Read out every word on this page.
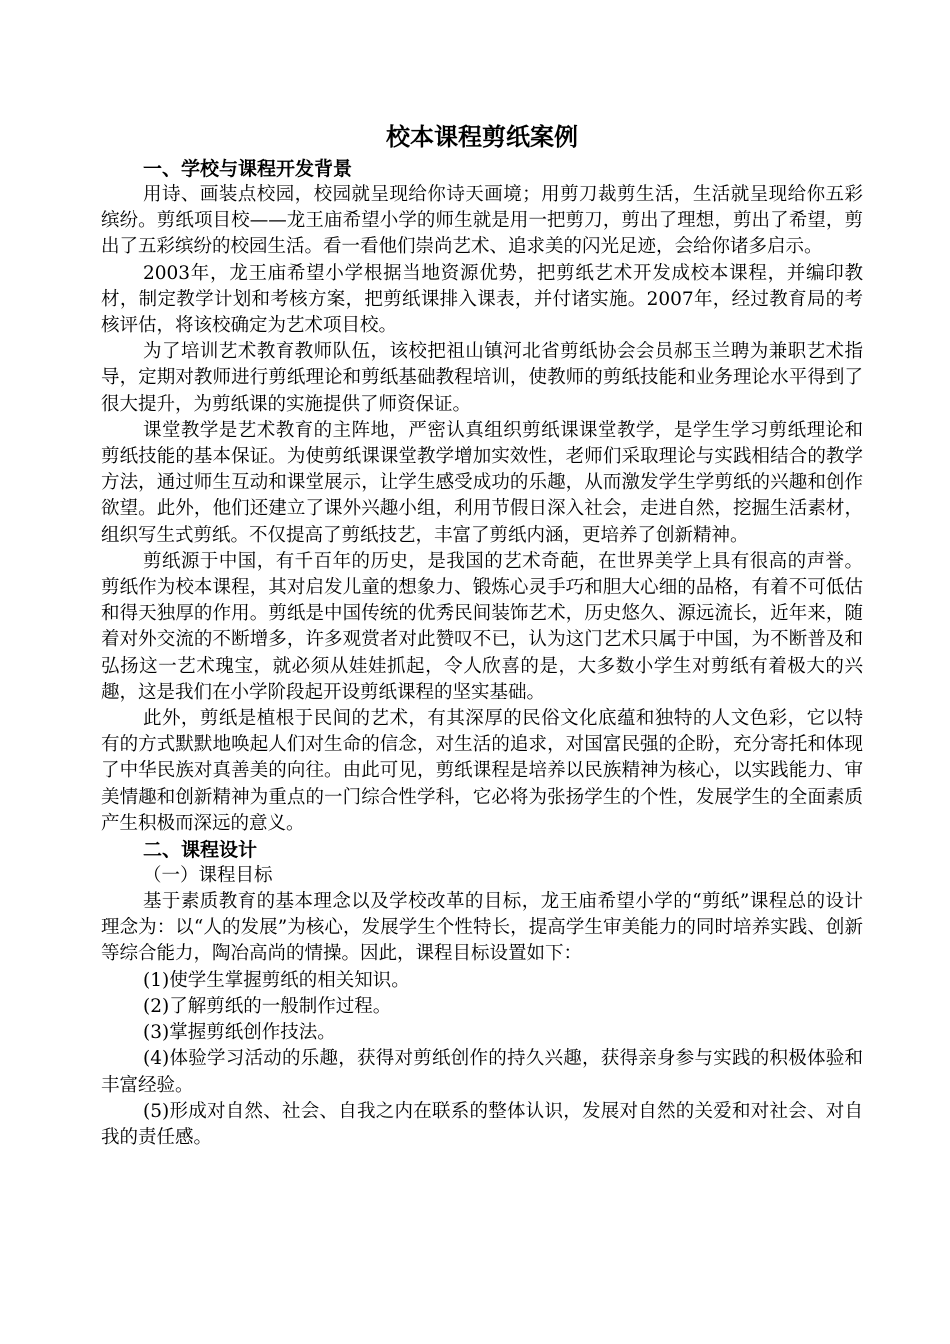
校本课程剪纸案例
一、学校与课程开发背景

用诗、画装点校园，校园就呈现给你诗天画境；用剪刀裁剪生活，生活就呈现给你五彩缤纷。剪纸项目校——龙王庙希望小学的师生就是用一把剪刀，剪出了理想，剪出了希望，剪出了五彩缤纷的校园生活。看一看他们崇尚艺术、追求美的闪光足迹，会给你诸多启示。

2003年，龙王庙希望小学根据当地资源优势，把剪纸艺术开发成校本课程，并编印教材，制定教学计划和考核方案，把剪纸课排入课表，并付诸实施。2007年，经过教育局的考核评估，将该校确定为艺术项目校。

为了培训艺术教育教师队伍，该校把祖山镇河北省剪纸协会会员郝玉兰聘为兼职艺术指导，定期对教师进行剪纸理论和剪纸基础教程培训，使教师的剪纸技能和业务理论水平得到了很大提升，为剪纸课的实施提供了师资保证。

课堂教学是艺术教育的主阵地，严密认真组织剪纸课课堂教学，是学生学习剪纸理论和剪纸技能的基本保证。为使剪纸课课堂教学增加实效性，老师们采取理论与实践相结合的教学方法，通过师生互动和课堂展示，让学生感受成功的乐趣，从而激发学生学剪纸的兴趣和创作欲望。此外，他们还建立了课外兴趣小组，利用节假日深入社会，走进自然，挖掘生活素材，组织写生式剪纸。不仅提高了剪纸技艺，丰富了剪纸内涵，更培养了创新精神。

剪纸源于中国，有千百年的历史，是我国的艺术奇葩，在世界美学上具有很高的声誉。剪纸作为校本课程，其对启发儿童的想象力、锻炼心灵手巧和胆大心细的品格，有着不可低估和得天独厚的作用。剪纸是中国传统的优秀民间装饰艺术，历史悠久、源远流长，近年来，随着对外交流的不断增多，许多观赏者对此赞叹不已，认为这门艺术只属于中国，为不断普及和弘扬这一艺术瑰宝，就必须从娃娃抓起，令人欣喜的是，大多数小学生对剪纸有着极大的兴趣，这是我们在小学阶段起开设剪纸课程的坚实基础。

此外，剪纸是植根于民间的艺术，有其深厚的民俗文化底蕴和独特的人文色彩，它以特有的方式默默地唤起人们对生命的信念，对生活的追求，对国富民强的企盼，充分寄托和体现了中华民族对真善美的向往。由此可见，剪纸课程是培养以民族精神为核心，以实践能力、审美情趣和创新精神为重点的一门综合性学科，它必将为张扬学生的个性，发展学生的全面素质产生积极而深远的意义。

二、课程设计
（一）课程目标

基于素质教育的基本理念以及学校改革的目标，龙王庙希望小学的“剪纸”课程总的设计理念为：以“人的发展”为核心，发展学生个性特长，提高学生审美能力的同时培养实践、创新等综合能力，陶冶高尚的情操。因此，课程目标设置如下：

(1)使学生掌握剪纸的相关知识。

(2)了解剪纸的一般制作过程。

(3)掌握剪纸创作技法。

(4)体验学习活动的乐趣，获得对剪纸创作的持久兴趣，获得亲身参与实践的积极体验和丰富经验。

(5)形成对自然、社会、自我之内在联系的整体认识，发展对自然的关爱和对社会、对自我的责任感。
